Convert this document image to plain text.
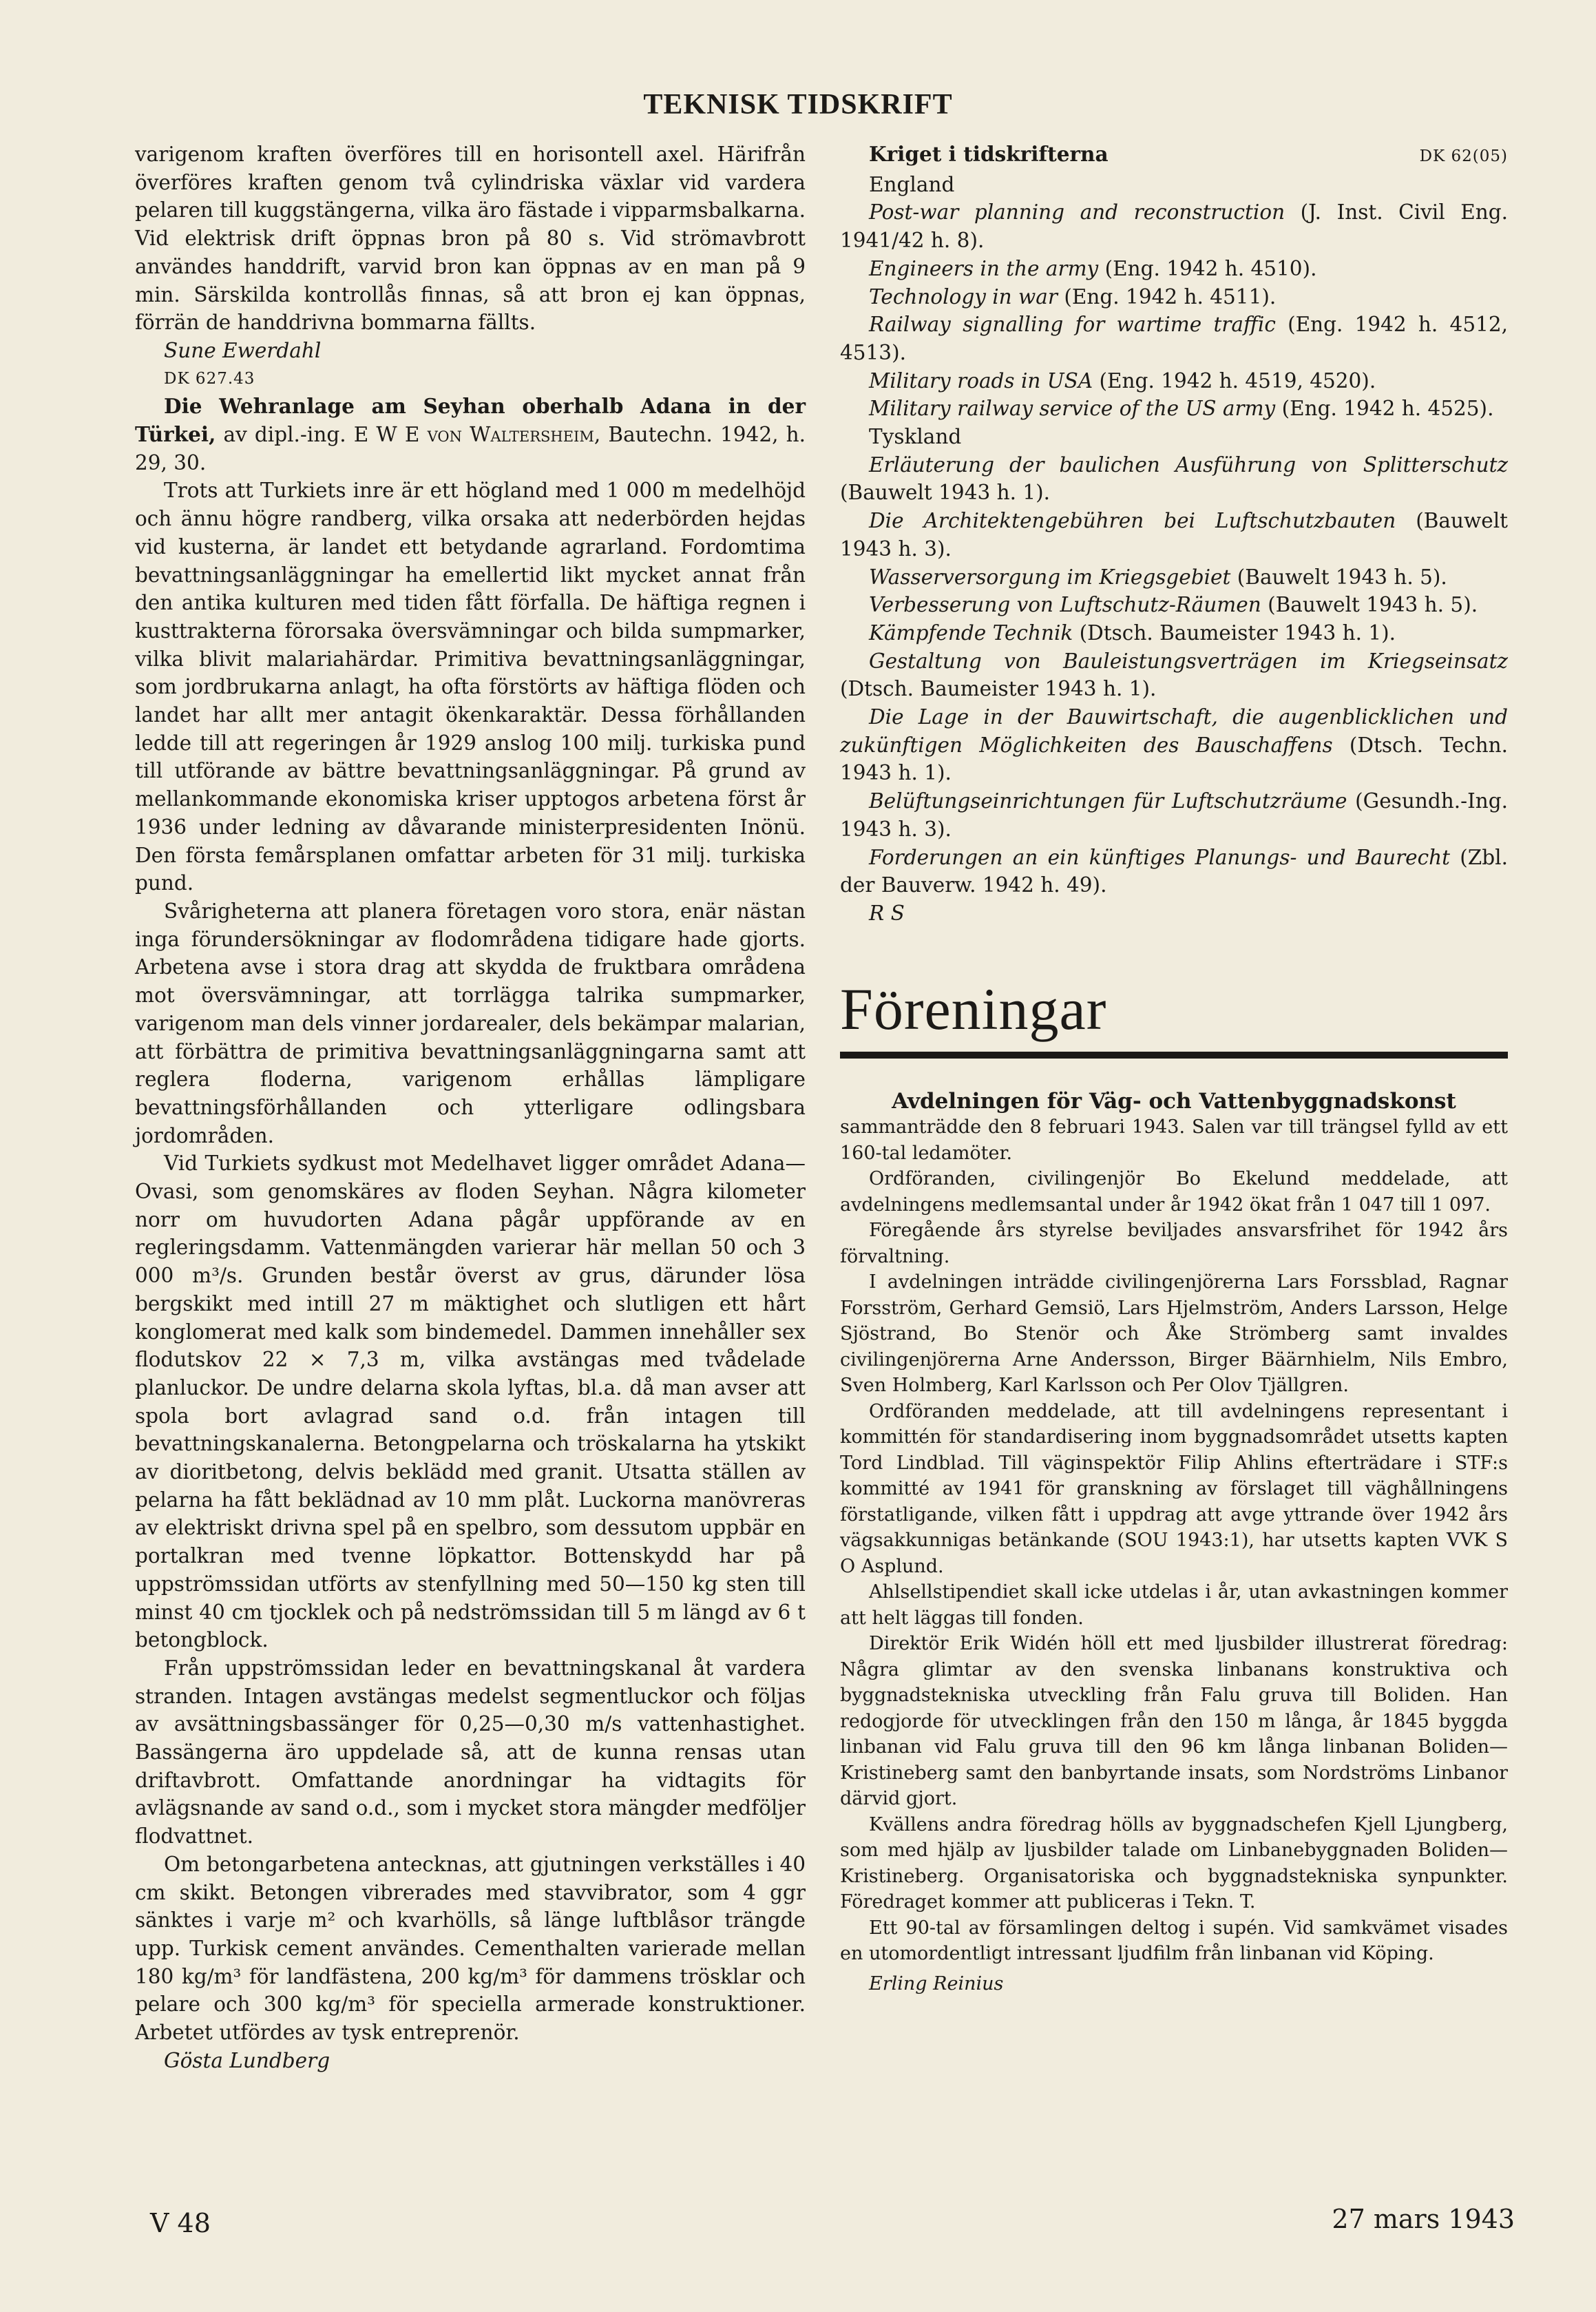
TEKNISK TIDSKRIFT

varigenom kraften överföres till en horisontell axel. Härifrån överföres kraften genom två cylindriska växlar vid vardera pelaren till kuggstängerna, vilka äro fästade i vipparmsbalkarna. Vid elektrisk drift öppnas bron på 80 s. Vid strömavbrott användes handdrift, varvid bron kan öppnas av en man på 9 min. Särskilda kontrollås finnas, så att bron ej kan öppnas, förrän de handdrivna bommarna fällts.

Sune Ewerdahl

DK 627.43

Die Wehranlage am Seyhan oberhalb Adana in der Türkei, av dipl.-ing. E W E von Waltersheim, Bautechn. 1942, h. 29, 30.

Trots att Turkiets inre är ett högland med 1 000 m medelhöjd och ännu högre randberg, vilka orsaka att nederbörden hejdas vid kusterna, är landet ett betydande agrarland. Fordomtima bevattningsanläggningar ha emellertid likt mycket annat från den antika kulturen med tiden fått förfalla. De häftiga regnen i kusttrakterna förorsaka översvämningar och bilda sumpmarker, vilka blivit malariahärdar. Primitiva bevattningsanläggningar, som jordbrukarna anlagt, ha ofta förstörts av häftiga flöden och landet har allt mer antagit ökenkaraktär. Dessa förhållanden ledde till att regeringen år 1929 anslog 100 milj. turkiska pund till utförande av bättre bevattningsanläggningar. På grund av mellankommande ekonomiska kriser upptogos arbetena först år 1936 under ledning av dåvarande ministerpresidenten Inönü. Den första femårsplanen omfattar arbeten för 31 milj. turkiska pund.

Svårigheterna att planera företagen voro stora, enär nästan inga förundersökningar av flodområdena tidigare hade gjorts. Arbetena avse i stora drag att skydda de fruktbara områdena mot översvämningar, att torrlägga talrika sumpmarker, varigenom man dels vinner jordarealer, dels bekämpar malarian, att förbättra de primitiva bevattningsanläggningarna samt att reglera floderna, varigenom erhållas lämpligare bevattningsförhållanden och ytterligare odlingsbara jordområden.

Vid Turkiets sydkust mot Medelhavet ligger området Adana—Ovasi, som genomskäres av floden Seyhan. Några kilometer norr om huvudorten Adana pågår uppförande av en regleringsdamm. Vattenmängden varierar här mellan 50 och 3 000 m³/s. Grunden består överst av grus, därunder lösa bergskikt med intill 27 m mäktighet och slutligen ett hårt konglomerat med kalk som bindemedel. Dammen innehåller sex flodutskov 22 × 7,3 m, vilka avstängas med tvådelade planluckor. De undre delarna skola lyftas, bl.a. då man avser att spola bort avlagrad sand o.d. från intagen till bevattningskanalerna. Betongpelarna och tröskalarna ha ytskikt av dioritbetong, delvis beklädd med granit. Utsatta ställen av pelarna ha fått beklädnad av 10 mm plåt. Luckorna manövreras av elektriskt drivna spel på en spelbro, som dessutom uppbär en portalkran med tvenne löpkattor. Bottenskydd har på uppströmssidan utförts av stenfyllning med 50—150 kg sten till minst 40 cm tjocklek och på nedströmssidan till 5 m längd av 6 t betongblock.

Från uppströmssidan leder en bevattningskanal åt vardera stranden. Intagen avstängas medelst segmentluckor och följas av avsättningsbassänger för 0,25—0,30 m/s vattenhastighet. Bassängerna äro uppdelade så, att de kunna rensas utan driftavbrott. Omfattande anordningar ha vidtagits för avlägsnande av sand o.d., som i mycket stora mängder medföljer flodvattnet.

Om betongarbetena antecknas, att gjutningen verkställes i 40 cm skikt. Betongen vibrerades med stavvibrator, som 4 ggr sänktes i varje m² och kvarhölls, så länge luftblåsor trängde upp. Turkisk cement användes. Cementhalten varierade mellan 180 kg/m³ för landfästena, 200 kg/m³ för dammens trösklar och pelare och 300 kg/m³ för speciella armerade konstruktioner. Arbetet utfördes av tysk entreprenör.

Gösta Lundberg

Kriget i tidskrifterna	DK 62(05)

England

Post-war planning and reconstruction (J. Inst. Civil Eng. 1941/42 h. 8).

Engineers in the army (Eng. 1942 h. 4510).

Technology in war (Eng. 1942 h. 4511).

Railway signalling for wartime traffic (Eng. 1942 h. 4512, 4513).

Military roads in USA (Eng. 1942 h. 4519, 4520).

Military railway service of the US army (Eng. 1942 h. 4525).

Tyskland

Erläuterung der baulichen Ausführung von Splitterschutz (Bauwelt 1943 h. 1).

Die Architektengebühren bei Luftschutzbauten (Bauwelt 1943 h. 3).

Wasserversorgung im Kriegsgebiet (Bauwelt 1943 h. 5).

Verbesserung von Luftschutz-Räumen (Bauwelt 1943 h. 5).

Kämpfende Technik (Dtsch. Baumeister 1943 h. 1).

Gestaltung von Bauleistungsverträgen im Kriegseinsatz (Dtsch. Baumeister 1943 h. 1).

Die Lage in der Bauwirtschaft, die augenblicklichen und zukünftigen Möglichkeiten des Bauschaffens (Dtsch. Techn. 1943 h. 1).

Belüftungseinrichtungen für Luftschutzräume (Gesundh.-Ing. 1943 h. 3).

Forderungen an ein künftiges Planungs- und Baurecht (Zbl. der Bauverw. 1942 h. 49).

R S

Föreningar

Avdelningen för Väg- och Vattenbyggnadskonst

sammanträdde den 8 februari 1943. Salen var till trängsel fylld av ett 160-tal ledamöter.

Ordföranden, civilingenjör Bo Ekelund meddelade, att avdelningens medlemsantal under år 1942 ökat från 1 047 till 1 097.

Föregående års styrelse beviljades ansvarsfrihet för 1942 års förvaltning.

I avdelningen inträdde civilingenjörerna Lars Forssblad, Ragnar Forsström, Gerhard Gemsiö, Lars Hjelmström, Anders Larsson, Helge Sjöstrand, Bo Stenör och Åke Strömberg samt invaldes civilingenjörerna Arne Andersson, Birger Bäärnhielm, Nils Embro, Sven Holmberg, Karl Karlsson och Per Olov Tjällgren.

Ordföranden meddelade, att till avdelningens representant i kommittén för standardisering inom byggnadsområdet utsetts kapten Tord Lindblad. Till väginspektör Filip Ahlins efterträdare i STF:s kommitté av 1941 för granskning av förslaget till väghållningens förstatligande, vilken fått i uppdrag att avge yttrande över 1942 års vägsakkunnigas betänkande (SOU 1943:1), har utsetts kapten VVK S O Asplund.

Ahlsellstipendiet skall icke utdelas i år, utan avkastningen kommer att helt läggas till fonden.

Direktör Erik Widén höll ett med ljusbilder illustrerat föredrag: Några glimtar av den svenska linbanans konstruktiva och byggnadstekniska utveckling från Falu gruva till Boliden. Han redogjorde för utvecklingen från den 150 m långa, år 1845 byggda linbanan vid Falu gruva till den 96 km långa linbanan Boliden—Kristineberg samt den banbyrtande insats, som Nordströms Linbanor därvid gjort.

Kvällens andra föredrag hölls av byggnadschefen Kjell Ljungberg, som med hjälp av ljusbilder talade om Linbanebyggnaden Boliden—Kristineberg. Organisatoriska och byggnadstekniska synpunkter. Föredraget kommer att publiceras i Tekn. T.

Ett 90-tal av församlingen deltog i supén. Vid samkvämet visades en utomordentligt intressant ljudfilm från linbanan vid Köping.

Erling Reinius

V 48	27 mars 1943
